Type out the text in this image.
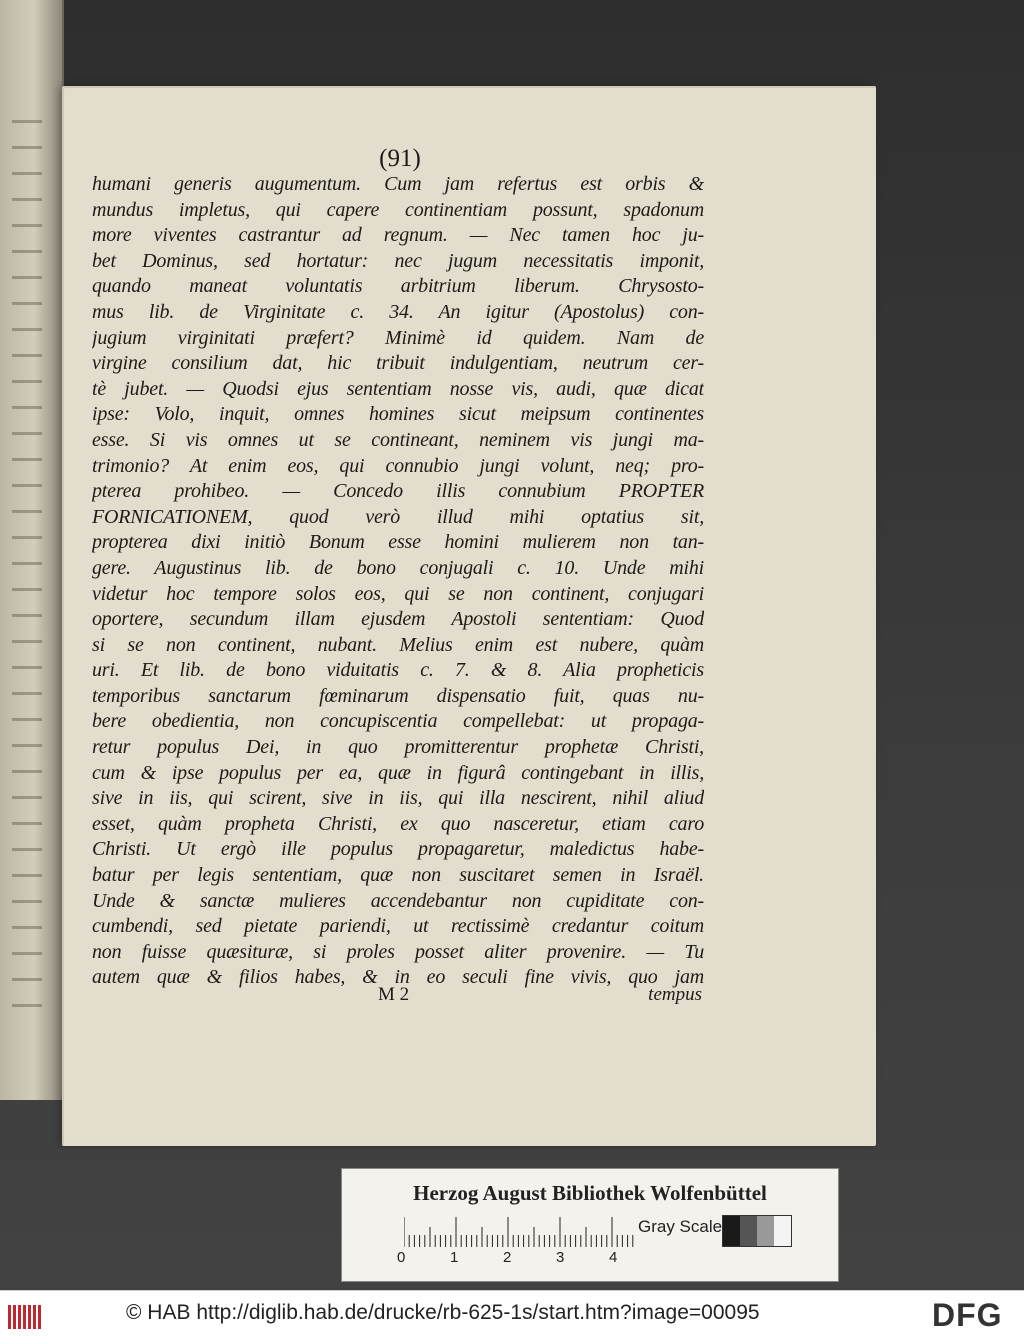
(91)
humani generis augumentum. Cum jam refertus est orbis &
mundus impletus, qui capere continentiam possunt, spadonum
more viventes castrantur ad regnum. — Nec tamen hoc ju-
bet Dominus, sed hortatur: nec jugum necessitatis imponit,
quando maneat voluntatis arbitrium liberum. Chrysosto-
mus lib. de Virginitate c. 34. An igitur (Apostolus) con-
jugium virginitati præfert? Minimè id quidem. Nam de
virgine consilium dat, hic tribuit indulgentiam, neutrum cer-
tè jubet. — Quodsi ejus sententiam nosse vis, audi, quæ dicat
ipse: Volo, inquit, omnes homines sicut meipsum continentes
esse. Si vis omnes ut se contineant, neminem vis jungi ma-
trimonio? At enim eos, qui connubio jungi volunt, neq; pro-
pterea prohibeo. — Concedo illis connubium PROPTER
FORNICATIONEM, quod verò illud mihi optatius sit,
propterea dixi initiò Bonum esse homini mulierem non tan-
gere. Augustinus lib. de bono conjugali c. 10. Unde mihi
videtur hoc tempore solos eos, qui se non continent, conjugari
oportere, secundum illam ejusdem Apostoli sententiam: Quod
si se non continent, nubant. Melius enim est nubere, quàm
uri. Et lib. de bono viduitatis c. 7. & 8. Alia propheticis
temporibus sanctarum fœminarum dispensatio fuit, quas nu-
bere obedientia, non concupiscentia compellebat: ut propaga-
retur populus Dei, in quo promitterentur prophetæ Christi,
cum & ipse populus per ea, quæ in figurâ contingebant in illis,
sive in iis, qui scirent, sive in iis, qui illa nescirent, nihil aliud
esset, quàm propheta Christi, ex quo nasceretur, etiam caro
Christi. Ut ergò ille populus propagaretur, maledictus habe-
batur per legis sententiam, quæ non suscitaret semen in Israël.
Unde & sanctæ mulieres accendebantur non cupiditate con-
cumbendi, sed pietate pariendi, ut rectissimè credantur coitum
non fuisse quæsituræ, si proles posset aliter provenire. — Tu
autem quæ & filios habes, & in eo seculi fine vivis, quo jam
M 2	tempus
Herzog August Bibliothek Wolfenbüttel
0	1	2	3	4
Gray Scale
© HAB http://diglib.hab.de/drucke/rb-625-1s/start.htm?image=00095	DFG
